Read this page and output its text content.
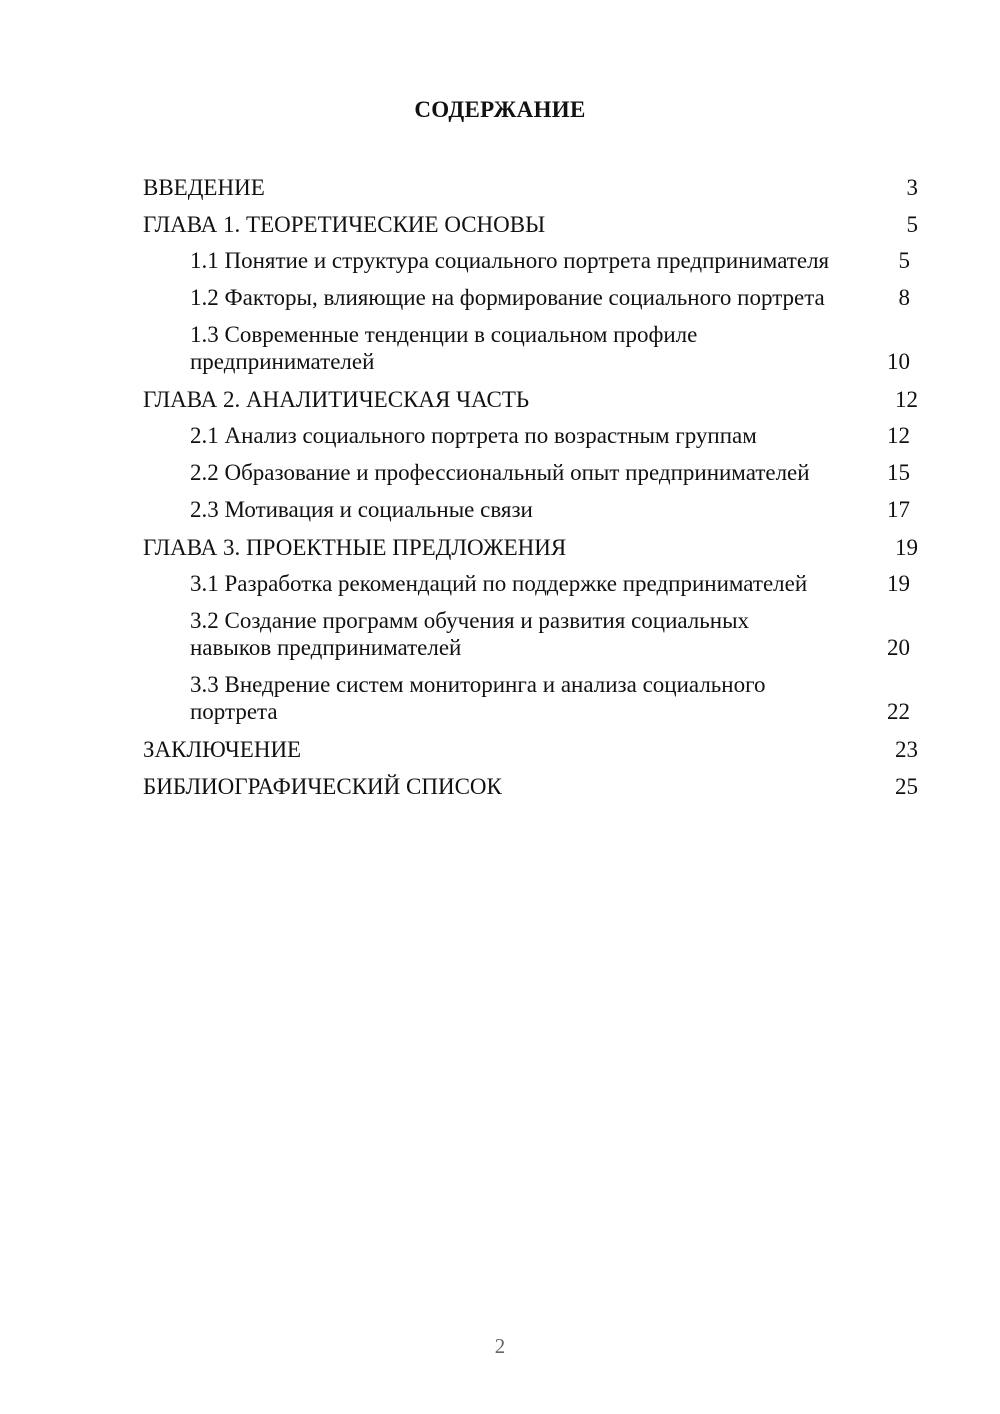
СОДЕРЖАНИЕ
ВВЕДЕНИЕ	3
ГЛАВА 1. ТЕОРЕТИЧЕСКИЕ ОСНОВЫ	5
1.1 Понятие и структура социального портрета предпринимателя	5
1.2 Факторы, влияющие на формирование социального портрета	8
1.3 Современные тенденции в социальном профиле предпринимателей	10
ГЛАВА 2. АНАЛИТИЧЕСКАЯ ЧАСТЬ	12
2.1 Анализ социального портрета по возрастным группам	12
2.2 Образование и профессиональный опыт предпринимателей	15
2.3 Мотивация и социальные связи	17
ГЛАВА 3. ПРОЕКТНЫЕ ПРЕДЛОЖЕНИЯ	19
3.1 Разработка рекомендаций по поддержке предпринимателей	19
3.2 Создание программ обучения и развития социальных навыков предпринимателей	20
3.3 Внедрение систем мониторинга и анализа социального портрета	22
ЗАКЛЮЧЕНИЕ	23
БИБЛИОГРАФИЧЕСКИЙ СПИСОК	25
2
